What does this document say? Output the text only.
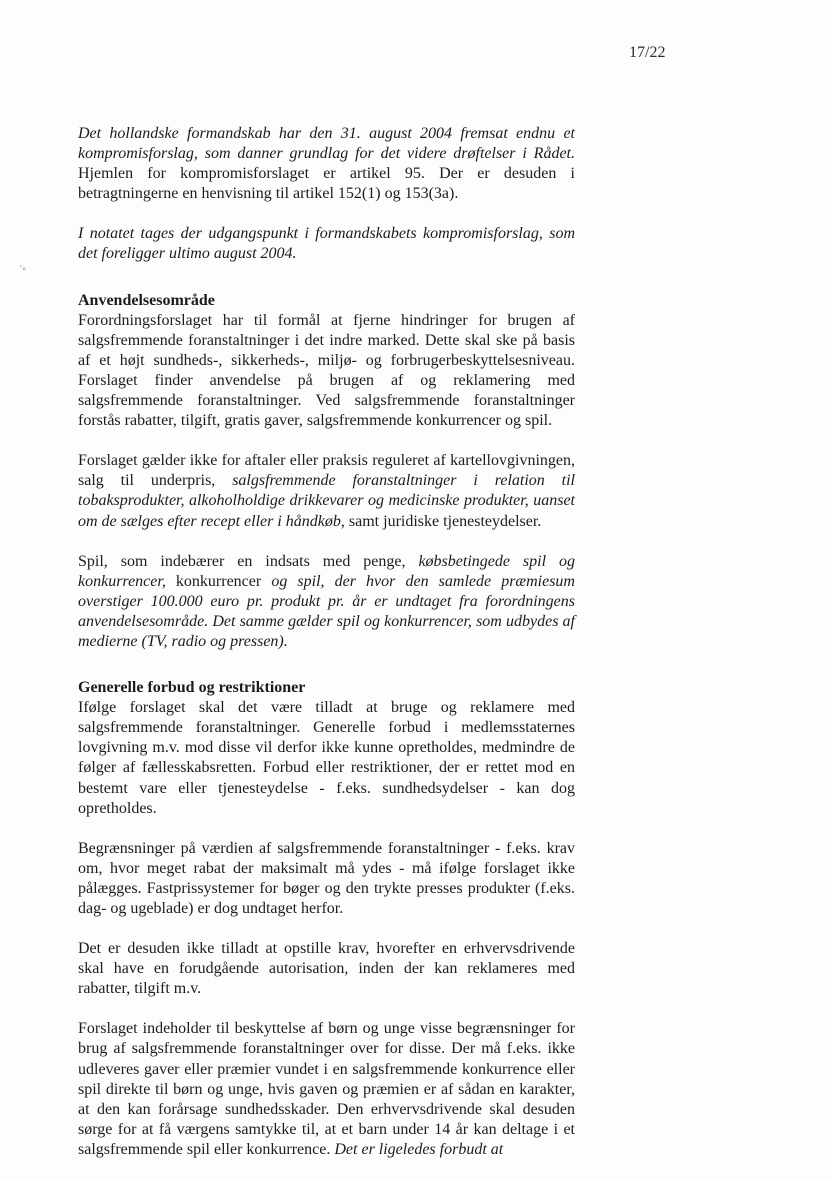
17/22
'∘

Det hollandske formandskab har den 31. august 2004 fremsat endnu et kompromisforslag, som danner grundlag for det videre drøftelser i Rådet. Hjemlen for kompromisforslaget er artikel 95. Der er desuden i betragtningerne en henvisning til artikel 152(1) og 153(3a).

I notatet tages der udgangspunkt i formandskabets kompromisforslag, som det foreligger ultimo august 2004.

Anvendelsesområde

Forordningsforslaget har til formål at fjerne hindringer for brugen af salgsfremmende foranstaltninger i det indre marked. Dette skal ske på basis af et højt sundheds-, sikkerheds-, miljø- og forbrugerbeskyttelsesniveau. Forslaget finder anvendelse på brugen af og reklamering med salgsfremmende foranstaltninger. Ved salgsfremmende foranstaltninger forstås rabatter, tilgift, gratis gaver, salgsfremmende konkurrencer og spil.

Forslaget gælder ikke for aftaler eller praksis reguleret af kartellovgivningen, salg til underpris, salgsfremmende foranstaltninger i relation til tobaksprodukter, alkoholholdige drikkevarer og medicinske produkter, uanset om de sælges efter recept eller i håndkøb, samt juridiske tjenesteydelser.

Spil, som indebærer en indsats med penge, købsbetingede spil og konkurrencer, konkurrencer og spil, der hvor den samlede præmiesum overstiger 100.000 euro pr. produkt pr. år er undtaget fra forordningens anvendelsesområde. Det samme gælder spil og konkurrencer, som udbydes af medierne (TV, radio og pressen).

Generelle forbud og restriktioner

Ifølge forslaget skal det være tilladt at bruge og reklamere med salgsfremmende foranstaltninger. Generelle forbud i medlemsstaternes lovgivning m.v. mod disse vil derfor ikke kunne opretholdes, medmindre de følger af fællesskabsretten. Forbud eller restriktioner, der er rettet mod en bestemt vare eller tjenesteydelse - f.eks. sundhedsydelser - kan dog opretholdes.

Begrænsninger på værdien af salgsfremmende foranstaltninger - f.eks. krav om, hvor meget rabat der maksimalt må ydes - må ifølge forslaget ikke pålægges. Fastprissystemer for bøger og den trykte presses produkter (f.eks. dag- og ugeblade) er dog undtaget herfor.

Det er desuden ikke tilladt at opstille krav, hvorefter en erhvervsdrivende skal have en forudgående autorisation, inden der kan reklameres med rabatter, tilgift m.v.

Forslaget indeholder til beskyttelse af børn og unge visse begrænsninger for brug af salgsfremmende foranstaltninger over for disse. Der må f.eks. ikke udleveres gaver eller præmier vundet i en salgsfremmende konkurrence eller spil direkte til børn og unge, hvis gaven og præmien er af sådan en karakter, at den kan forårsage sundhedsskader. Den erhvervsdrivende skal desuden sørge for at få værgens samtykke til, at et barn under 14 år kan deltage i et salgsfremmende spil eller konkurrence. Det er ligeledes forbudt at
